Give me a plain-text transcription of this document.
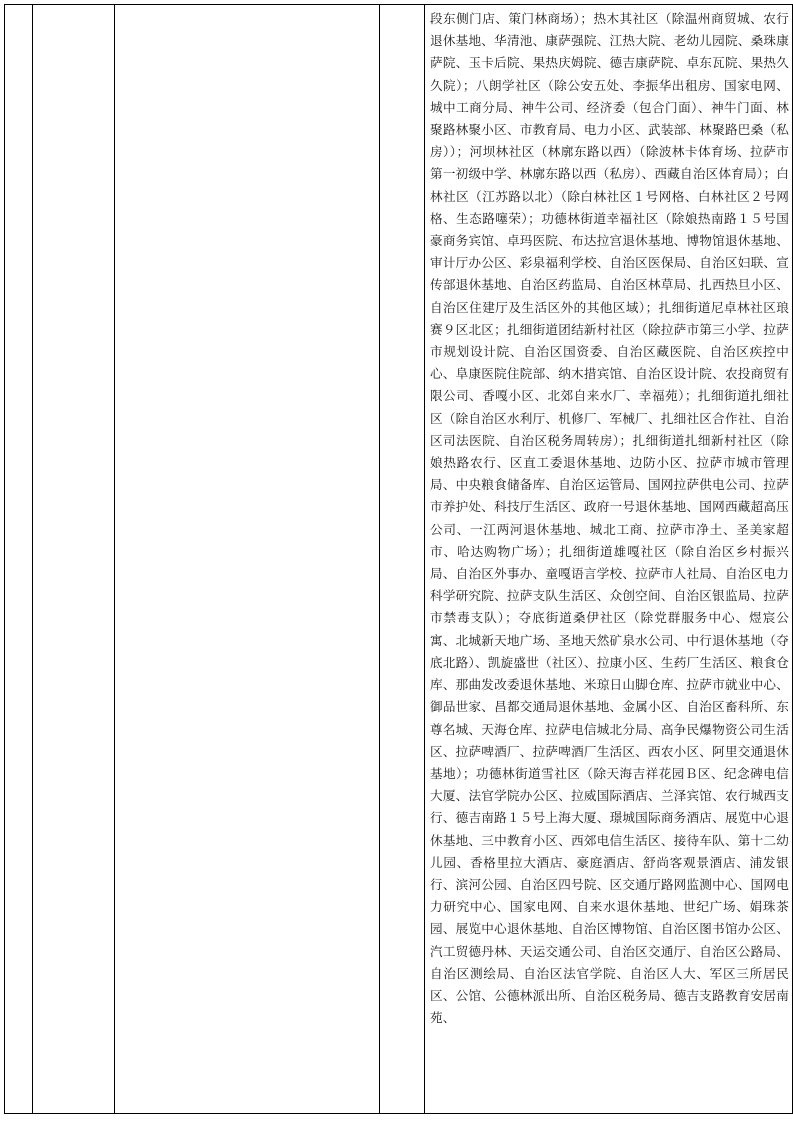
				段东侧门店、策门林商场）；热木其社区（除温州商贸城、农行退休基地、华清池、康萨强院、江热大院、老幼儿园院、桑珠康萨院、玉卡后院、果热庆姆院、德吉康萨院、卓东瓦院、果热久久院）；八朗学社区（除公安五处、李振华出租房、国家电网、城中工商分局、神牛公司、经济委（包合门面）、神牛门面、林聚路林聚小区、市教育局、电力小区、武装部、林聚路巴桑（私房））；河坝林社区（林廓东路以西）（除波林卡体育场、拉萨市第一初级中学、林廓东路以西（私房）、西藏自治区体育局）；白林社区（江苏路以北）（除白林社区１号网格、白林社区２号网格、生态路噻荣）；功德林街道幸福社区（除娘热南路１５号国豪商务宾馆、卓玛医院、布达拉宫退休基地、博物馆退休基地、审计厅办公区、彩泉福利学校、自治区医保局、自治区妇联、宣传部退休基地、自治区药监局、自治区林草局、扎西热旦小区、自治区住建厅及生活区外的其他区域）；扎细街道尼卓林社区琅赛９区北区；扎细街道团结新村社区（除拉萨市第三小学、拉萨市规划设计院、自治区国资委、自治区藏医院、自治区疾控中心、阜康医院住院部、纳木措宾馆、自治区设计院、农投商贸有限公司、香嘎小区、北郊自来水厂、幸福苑）；扎细街道扎细社区（除自治区水利厅、机修厂、军械厂、扎细社区合作社、自治区司法医院、自治区税务周转房）；扎细街道扎细新村社区（除娘热路农行、区直工委退休基地、边防小区、拉萨市城市管理局、中央粮食储备库、自治区运管局、国网拉萨供电公司、拉萨市养护处、科技厅生活区、政府一号退休基地、国网西藏超高压公司、一江两河退休基地、城北工商、拉萨市净土、圣美家超市、哈达购物广场）；扎细街道雄嘎社区（除自治区乡村振兴局、自治区外事办、童嘎语言学校、拉萨市人社局、自治区电力科学研究院、拉萨支队生活区、众创空间、自治区银监局、拉萨市禁毒支队）；夺底街道桑伊社区（除党群服务中心、煜宸公寓、北城新天地广场、圣地天然矿泉水公司、中行退休基地（夺底北路）、凯旋盛世（社区）、拉康小区、生药厂生活区、粮食仓库、那曲发改委退休基地、米琼日山脚仓库、拉萨市就业中心、御品世家、昌都交通局退休基地、金属小区、自治区畜科所、东尊名城、天海仓库、拉萨电信城北分局、高争民爆物资公司生活区、拉萨啤酒厂、拉萨啤酒厂生活区、西农小区、阿里交通退休基地）；功德林街道雪社区（除天海吉祥花园Ｂ区、纪念碑电信大厦、法官学院办公区、拉威国际酒店、兰泽宾馆、农行城西支行、德吉南路１５号上海大厦、璟城国际商务酒店、展览中心退休基地、三中教育小区、西郊电信生活区、接待车队、第十二幼儿园、香格里拉大酒店、豪庭酒店、舒尚客观景酒店、浦发银行、滨河公园、自治区四号院、区交通厅路网监测中心、国网电力研究中心、国家电网、自来水退休基地、世纪广场、娟珠茶园、展览中心退休基地、自治区博物馆、自治区图书馆办公区、汽工贸德丹林、天运交通公司、自治区交通厅、自治区公路局、自治区测绘局、自治区法官学院、自治区人大、军区三所居民区、公馆、公德林派出所、自治区税务局、德吉支路教育安居南苑、
